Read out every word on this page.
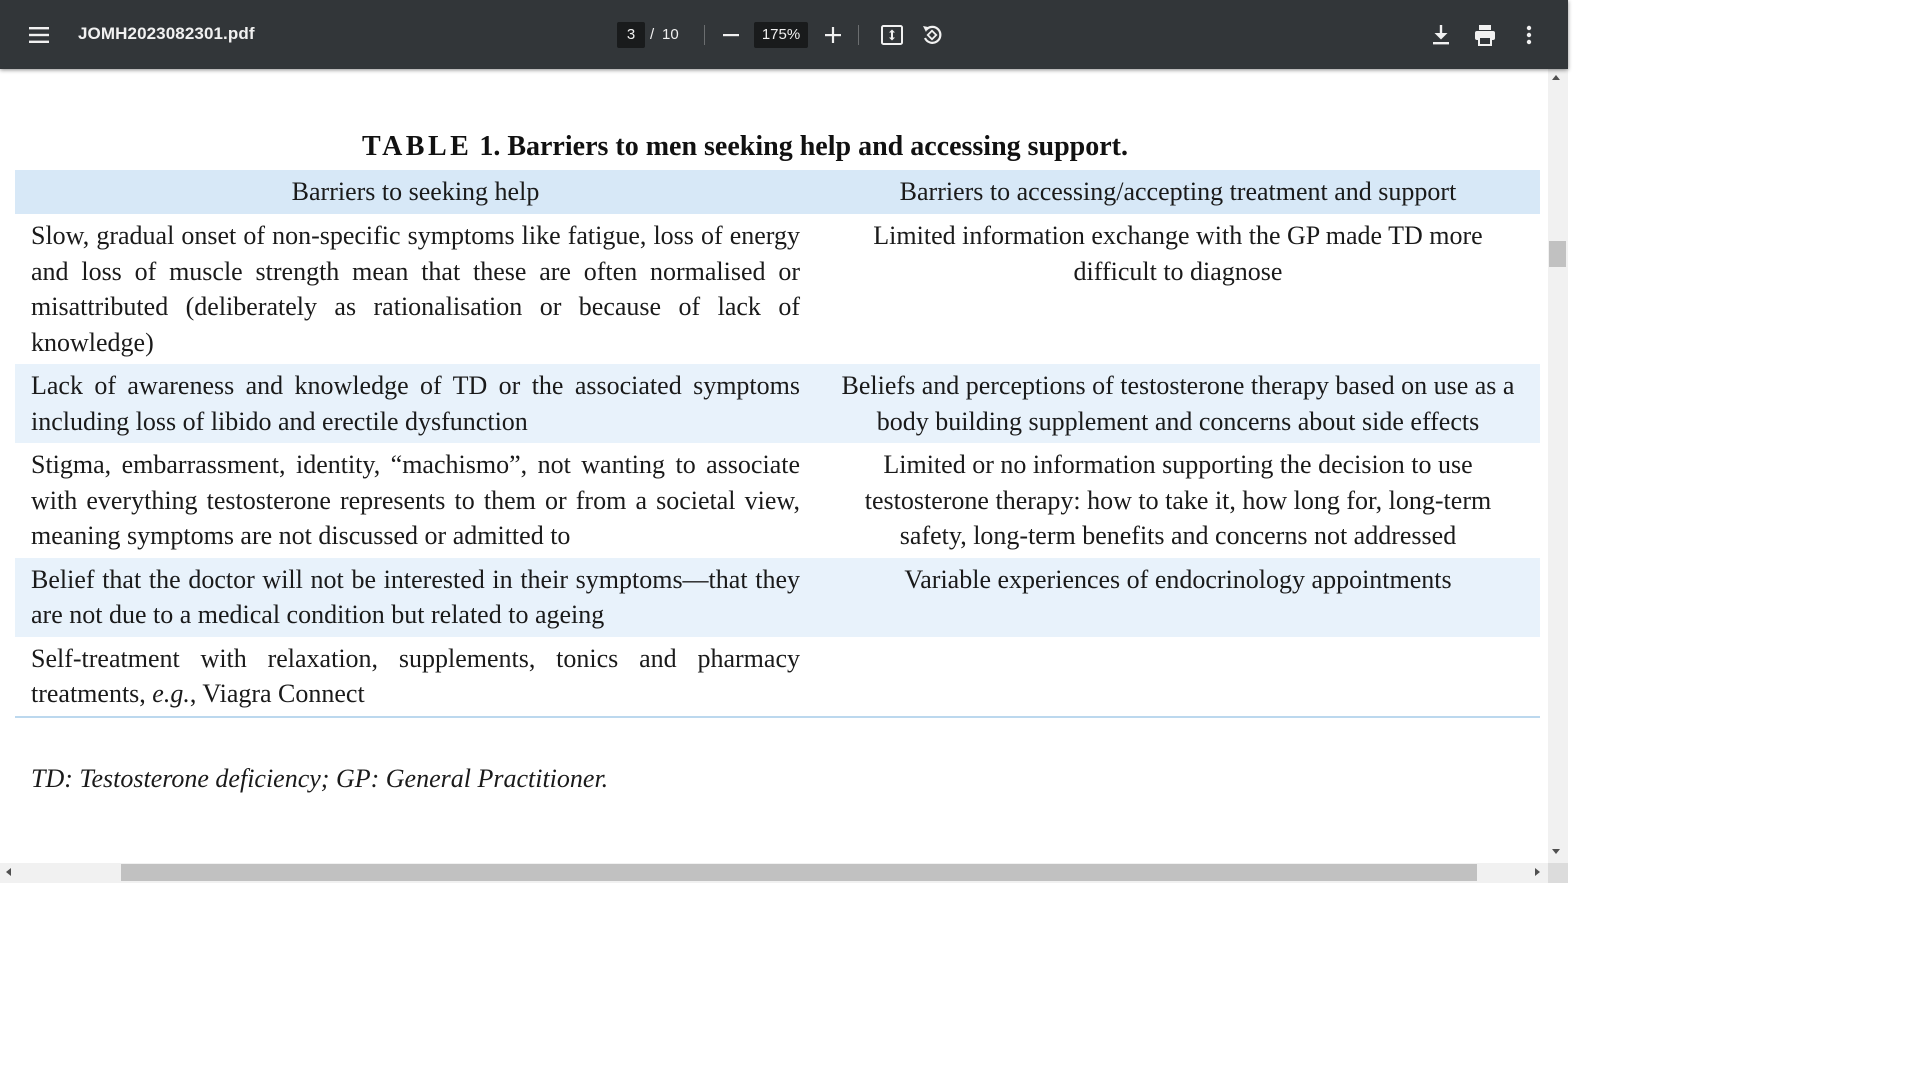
JOMH2023082301.pdf	3 / 10	175%
TABLE 1. Barriers to men seeking help and accessing support.
Barriers to seeking help	Barriers to accessing/accepting treatment and support
Slow, gradual onset of non-specific symptoms like fatigue, loss of energy and loss of muscle strength mean that these are often normalised or misattributed (deliberately as rationalisation or because of lack of knowledge)	Limited information exchange with the GP made TD more difficult to diagnose
Lack of awareness and knowledge of TD or the associated symptoms including loss of libido and erectile dysfunction	Beliefs and perceptions of testosterone therapy based on use as a body building supplement and concerns about side effects
Stigma, embarrassment, identity, “machismo”, not wanting to associate with everything testosterone represents to them or from a societal view, meaning symptoms are not discussed or admitted to	Limited or no information supporting the decision to use testosterone therapy: how to take it, how long for, long-term safety, long-term benefits and concerns not addressed
Belief that the doctor will not be interested in their symptoms—that they are not due to a medical condition but related to ageing	Variable experiences of endocrinology appointments
Self-treatment with relaxation, supplements, tonics and pharmacy treatments, e.g., Viagra Connect	
TD: Testosterone deficiency; GP: General Practitioner.
